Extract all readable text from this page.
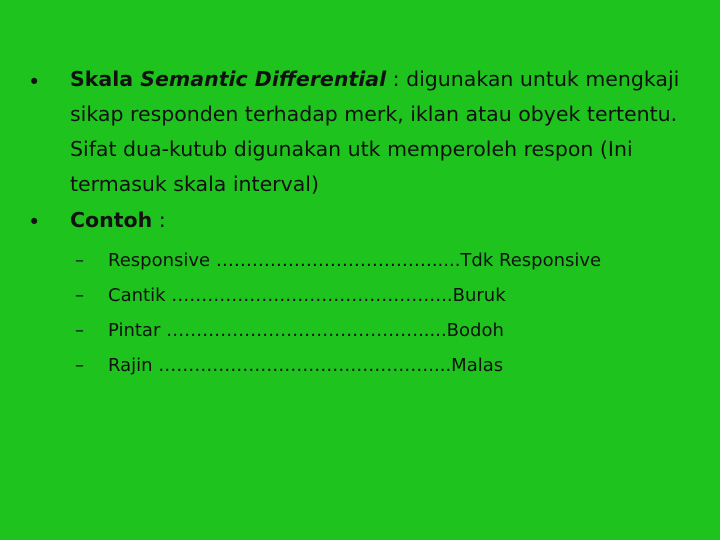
• Skala Semantic Differential : digunakan untuk mengkaji sikap responden terhadap merk, iklan atau obyek tertentu. Sifat dua-kutub digunakan utk memperoleh respon (Ini termasuk skala interval)
• Contoh :
– Responsive ……………………………….....Tdk Responsive
– Cantik ………………………………………..Buruk
– Pintar …………………………………….....Bodoh
– Rajin ………………………………………....Malas
